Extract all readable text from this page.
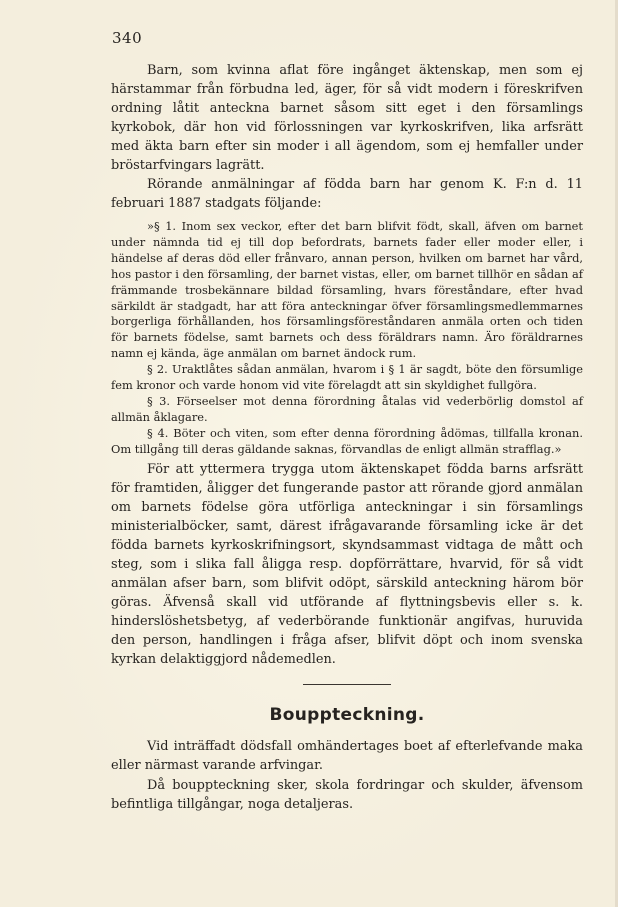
340

Barn, som kvinna aflat före ingånget äktenskap, men som ej härstammar från förbudna led, äger, för så vidt modern i föreskrifven ordning låtit anteckna barnet såsom sitt eget i den församlings kyrkobok, där hon vid förlossningen var kyrkoskrifven, lika arfsrätt med äkta barn efter sin moder i all ägendom, som ej hemfaller under bröstarfvingars lagrätt.

Rörande anmälningar af födda barn har genom K. F:n d. 11 februari 1887 stadgats följande:

»§ 1. Inom sex veckor, efter det barn blifvit födt, skall, äfven om barnet under nämnda tid ej till dop befordrats, barnets fader eller moder eller, i händelse af deras död eller frånvaro, annan person, hvilken om barnet har vård, hos pastor i den församling, der barnet vistas, eller, om barnet tillhör en sådan af främmande trosbekännare bildad församling, hvars föreståndare, efter hvad särkildt är stadgadt, har att föra anteckningar öfver församlingsmedlemmarnes borgerliga förhållanden, hos församlingsföreståndaren anmäla orten och tiden för barnets födelse, samt barnets och dess föräldrars namn. Äro föräldrarnes namn ej kända, äge anmälan om barnet ändock rum.

§ 2. Uraktlåtes sådan anmälan, hvarom i § 1 är sagdt, böte den försumlige fem kronor och varde honom vid vite förelagdt att sin skyldighet fullgöra.

§ 3. Förseelser mot denna förordning åtalas vid vederbörlig domstol af allmän åklagare.

§ 4. Böter och viten, som efter denna förordning ådömas, tillfalla kronan. Om tillgång till deras gäldande saknas, förvandlas de enligt allmän strafflag.»

För att yttermera trygga utom äktenskapet födda barns arfsrätt för framtiden, åligger det fungerande pastor att rörande gjord anmälan om barnets födelse göra utförliga anteckningar i sin församlings ministerialböcker, samt, därest ifrågavarande församling icke är det födda barnets kyrkoskrifningsort, skyndsammast vidtaga de mått och steg, som i slika fall åligga resp. dopförrättare, hvarvid, för så vidt anmälan afser barn, som blifvit odöpt, särskild anteckning härom bör göras. Äfvenså skall vid utförande af flyttningsbevis eller s. k. hinderslöshetsbetyg, af vederbörande funktionär angifvas, huruvida den person, handlingen i fråga afser, blifvit döpt och inom svenska kyrkan delaktiggjord nådemedlen.

Bouppteckning.

Vid inträffadt dödsfall omhändertages boet af efterlefvande maka eller närmast varande arfvingar.

Då bouppteckning sker, skola fordringar och skulder, äfvensom befintliga tillgångar, noga detaljeras.
